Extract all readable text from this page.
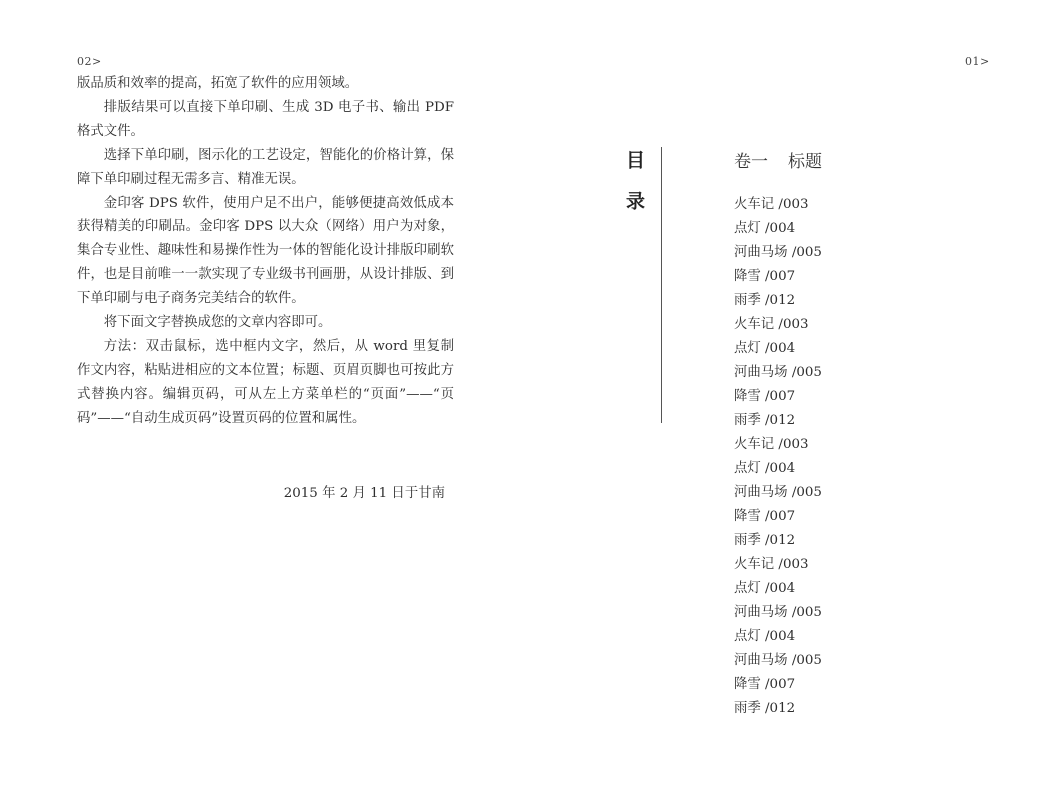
02>	01>

版品质和效率的提高，拓宽了软件的应用领域。

排版结果可以直接下单印刷、生成 3D 电子书、输出 PDF 格式文件。

选择下单印刷，图示化的工艺设定，智能化的价格计算，保障下单印刷过程无需多言、精准无误。

金印客 DPS 软件，使用户足不出户，能够便捷高效低成本获得精美的印刷品。金印客 DPS 以大众（网络）用户为对象，集合专业性、趣味性和易操作性为一体的智能化设计排版印刷软件，也是目前唯一一款实现了专业级书刊画册，从设计排版、到下单印刷与电子商务完美结合的软件。

将下面文字替换成您的文章内容即可。

方法：双击鼠标，选中框内文字，然后，从 word 里复制作文内容，粘贴进相应的文本位置；标题、页眉页脚也可按此方式替换内容。编辑页码，可从左上方菜单栏的“页面”——“页码”——“自动生成页码”设置页码的位置和属性。

2015 年 2 月 11 日于甘南
目录	卷一 标题
火车记 /003
点灯 /004
河曲马场 /005
降雪 /007
雨季 /012
火车记 /003
点灯 /004
河曲马场 /005
降雪 /007
雨季 /012
火车记 /003
点灯 /004
河曲马场 /005
降雪 /007
雨季 /012
火车记 /003
点灯 /004
河曲马场 /005
点灯 /004
河曲马场 /005
降雪 /007
雨季 /012
